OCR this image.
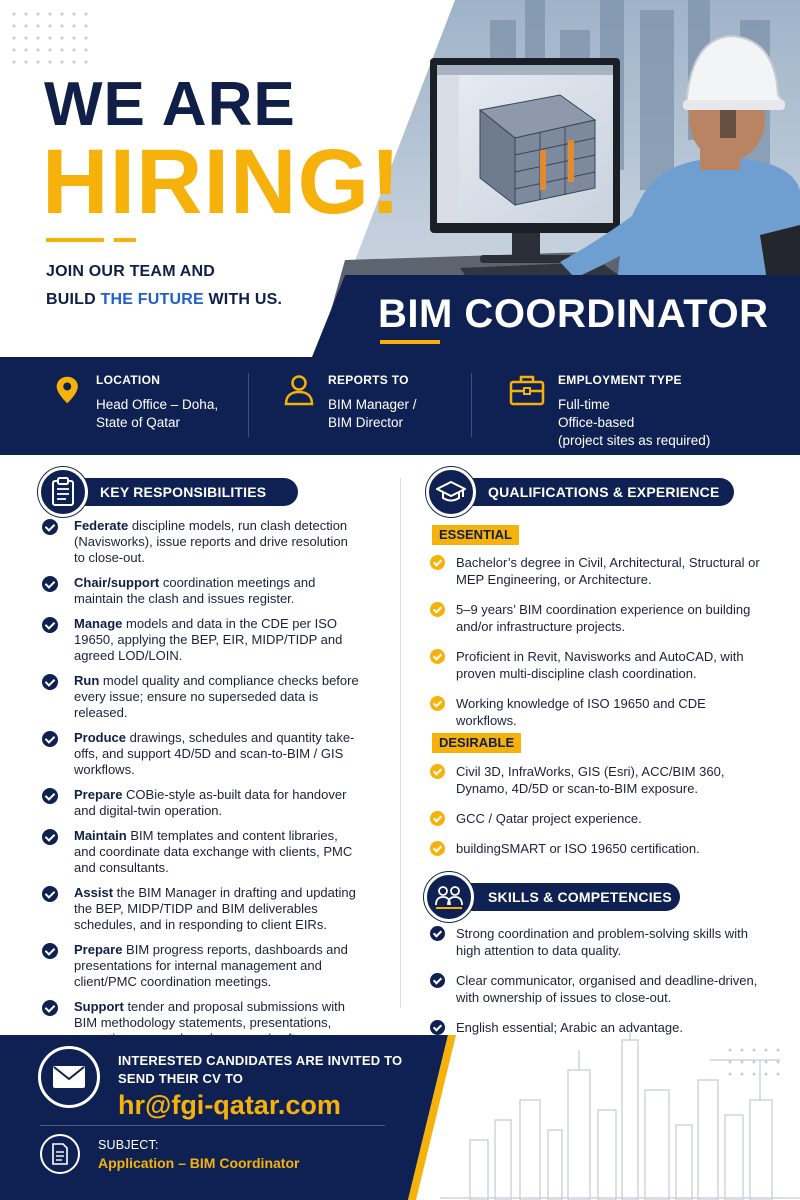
WE ARE
HIRING!
JOIN OUR TEAM AND
BUILD THE FUTURE WITH US. BIM COORDINATOR
LOCATION
Head Office – Doha,
State of Qatar
REPORTS TO
BIM Manager /
BIM Director
EMPLOYMENT TYPE
Full-time
Office-based
(project sites as required)
KEY RESPONSIBILITIES
Federate discipline models, run clash detection (Navisworks), issue reports and drive resolution to close-out.
Chair/support coordination meetings and maintain the clash and issues register.
Manage models and data in the CDE per ISO 19650, applying the BEP, EIR, MIDP/TIDP and agreed LOD/LOIN.
Run model quality and compliance checks before every issue; ensure no superseded data is released.
Produce drawings, schedules and quantity take-offs, and support 4D/5D and scan-to-BIM / GIS workflows.
Prepare COBie-style as-built data for handover and digital-twin operation.
Maintain BIM templates and content libraries, and coordinate data exchange with clients, PMC and consultants.
Assist the BIM Manager in drafting and updating the BEP, MIDP/TIDP and BIM deliverables schedules, and in responding to client EIRs.
Prepare BIM progress reports, dashboards and presentations for internal management and client/PMC coordination meetings.
Support tender and proposal submissions with BIM methodology statements, presentations,
QUALIFICATIONS & EXPERIENCE
ESSENTIAL
Bachelor’s degree in Civil, Architectural, Structural or MEP Engineering, or Architecture.
5–9 years’ BIM coordination experience on building and/or infrastructure projects.
Proficient in Revit, Navisworks and AutoCAD, with proven multi-discipline clash coordination.
Working knowledge of ISO 19650 and CDE workflows.
DESIRABLE
Civil 3D, InfraWorks, GIS (Esri), ACC/BIM 360, Dynamo, 4D/5D or scan-to-BIM exposure.
GCC / Qatar project experience.
buildingSMART or ISO 19650 certification.
SKILLS & COMPETENCIES
Strong coordination and problem-solving skills with high attention to data quality.
Clear communicator, organised and deadline-driven, with ownership of issues to close-out.
English essential; Arabic an advantage.
INTERESTED CANDIDATES ARE INVITED TO
SEND THEIR CV TO
hr@fgi-qatar.com
SUBJECT:
Application – BIM Coordinator
